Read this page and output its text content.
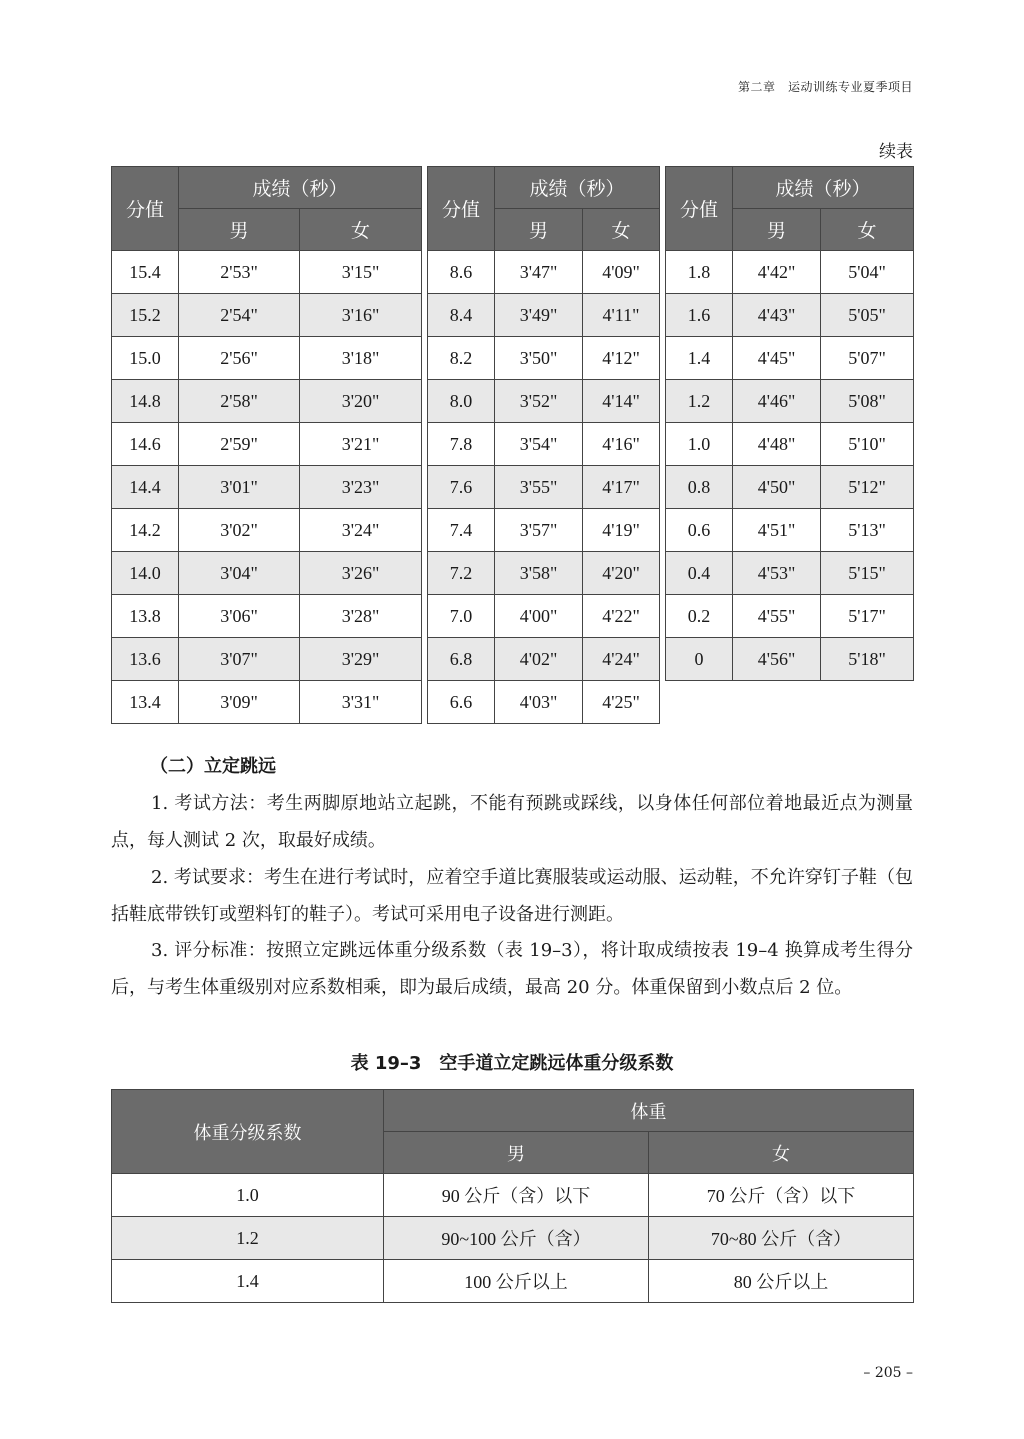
第二章　运动训练专业夏季项目
续表
分值	成绩（秒）	
	男	女
15.4	2'53"	3'15"
15.2	2'54"	3'16"
15.0	2'56"	3'18"
14.8	2'58"	3'20"
14.6	2'59"	3'21"
14.4	3'01"	3'23"
14.2	3'02"	3'24"
14.0	3'04"	3'26"
13.8	3'06"	3'28"
13.6	3'07"	3'29"
13.4	3'09"	3'31"
分值	成绩（秒）	
	男	女
8.6	3'47"	4'09"
8.4	3'49"	4'11"
8.2	3'50"	4'12"
8.0	3'52"	4'14"
7.8	3'54"	4'16"
7.6	3'55"	4'17"
7.4	3'57"	4'19"
7.2	3'58"	4'20"
7.0	4'00"	4'22"
6.8	4'02"	4'24"
6.6	4'03"	4'25"
分值	成绩（秒）	
	男	女
1.8	4'42"	5'04"
1.6	4'43"	5'05"
1.4	4'45"	5'07"
1.2	4'46"	5'08"
1.0	4'48"	5'10"
0.8	4'50"	5'12"
0.6	4'51"	5'13"
0.4	4'53"	5'15"
0.2	4'55"	5'17"
0	4'56"	5'18"
（二）立定跳远

1. 考试方法：考生两脚原地站立起跳，不能有预跳或踩线，以身体任何部位着地最近点为测量点，每人测试 2 次，取最好成绩。

2. 考试要求：考生在进行考试时，应着空手道比赛服装或运动服、运动鞋，不允许穿钉子鞋（包括鞋底带铁钉或塑料钉的鞋子）。考试可采用电子设备进行测距。

3. 评分标准：按照立定跳远体重分级系数（表 19–3），将计取成绩按表 19–4 换算成考生得分后，与考生体重级别对应系数相乘，即为最后成绩，最高 20 分。体重保留到小数点后 2 位。

表 19–3　空手道立定跳远体重分级系数
体重分级系数	体重	
	男	女
1.0	90 公斤（含）以下	70 公斤（含）以下
1.2	90~100 公斤（含）	70~80 公斤（含）
1.4	100 公斤以上	80 公斤以上
– 205 –
